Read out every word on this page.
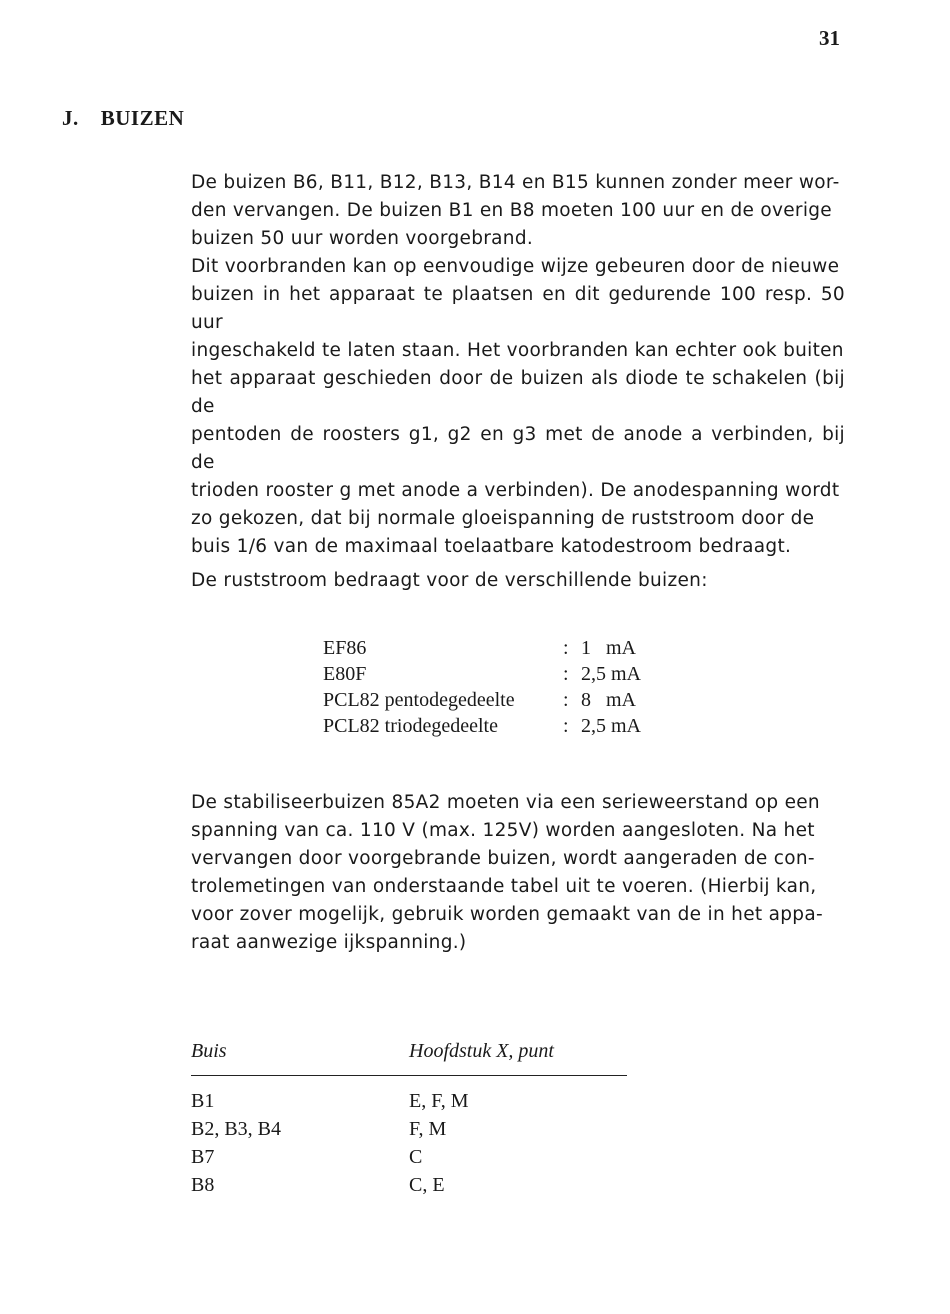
31
J. BUIZEN

De buizen B6, B11, B12, B13, B14 en B15 kunnen zonder meer wor-

den vervangen. De buizen B1 en B8 moeten 100 uur en de overige

buizen 50 uur worden voorgebrand.

Dit voorbranden kan op eenvoudige wijze gebeuren door de nieuwe

buizen in het apparaat te plaatsen en dit gedurende 100 resp. 50 uur

ingeschakeld te laten staan. Het voorbranden kan echter ook buiten

het apparaat geschieden door de buizen als diode te schakelen (bij de

pentoden de roosters g1, g2 en g3 met de anode a verbinden, bij de

trioden rooster g met anode a verbinden). De anodespanning wordt

zo gekozen, dat bij normale gloeispanning de ruststroom door de

buis 1/6 van de maximaal toelaatbare katodestroom bedraagt.

De ruststroom bedraagt voor de verschillende buizen:
EF86	:	1   mA
E80F	:	2,5 mA
PCL82 pentodegedeelte	:	8   mA
PCL82 triodegedeelte	:	2,5 mA

De stabiliseerbuizen 85A2 moeten via een serieweerstand op een

spanning van ca. 110 V (max. 125V) worden aangesloten. Na het

vervangen door voorgebrande buizen, wordt aangeraden de con-

trolemetingen van onderstaande tabel uit te voeren. (Hierbij kan,

voor zover mogelijk, gebruik worden gemaakt van de in het appa-

raat aanwezige ijkspanning.)

Buis	Hoofdstuk X, punt
B1	E, F, M
B2, B3, B4	F, M
B7	C
B8	C, E
